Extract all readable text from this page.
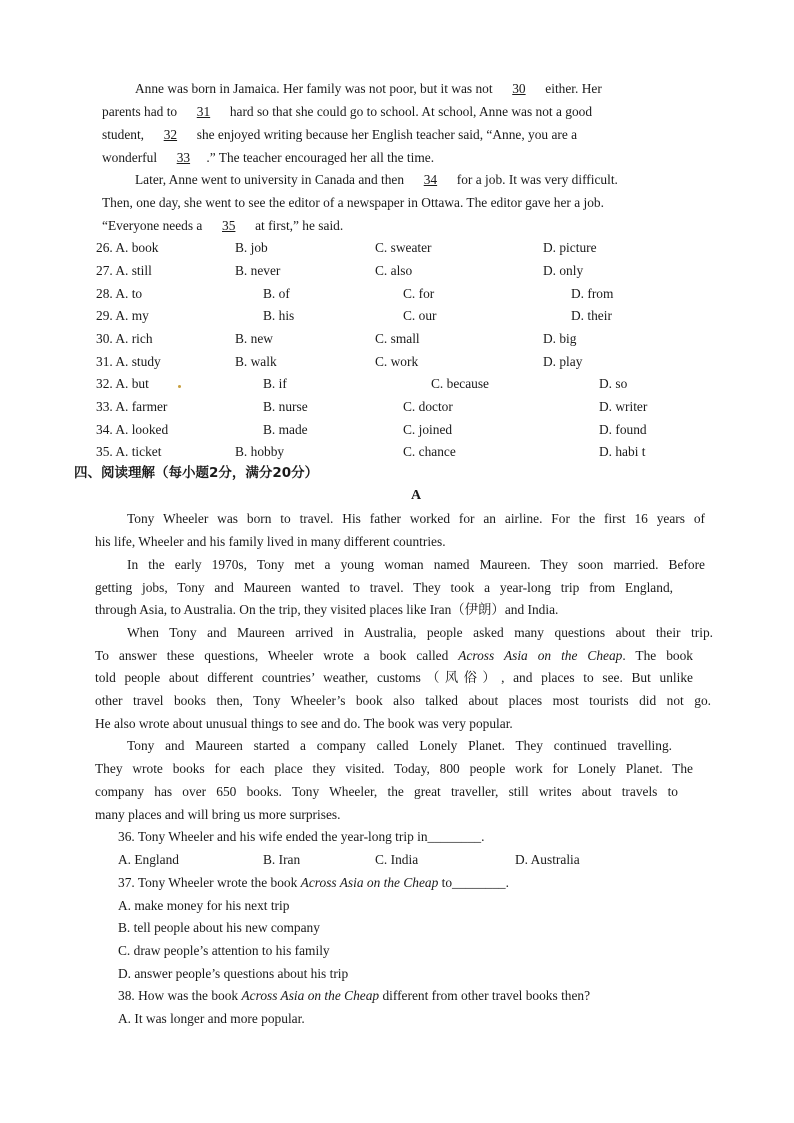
Anne was born in Jamaica. Her family was not poor, but it was not 30 either. Her
parents had to 31 hard so that she could go to school. At school, Anne was not a good
student, 32 she enjoyed writing because her English teacher said, “Anne, you are a
wonderful 33 .” The teacher encouraged her all the time.
Later, Anne went to university in Canada and then 34 for a job. It was very difficult.
Then, one day, she went to see the editor of a newspaper in Ottawa. The editor gave her a job.
“Everyone needs a 35 at first,” he said.
26. A. book	B. job	C. sweater	D. picture
27. A. still	B. never	C. also	D. only
28. A. to	B. of	C. for	D. from
29. A. my	B. his	C. our	D. their
30. A. rich	B. new	C. small	D. big
31. A. study	B. walk	C. work	D. play
32. A. but	B. if	C. because	D. so
33. A. farmer	B. nurse	C. doctor	D. writer
34. A. looked	B. made	C. joined	D. found
35. A. ticket	B. hobby	C. chance	D. habi t
四、阅读理解（每小题2分，满分20分）
A
Tony Wheeler was born to travel. His father worked for an airline. For the first 16 years of
his life, Wheeler and his family lived in many different countries.
In the early 1970s, Tony met a young woman named Maureen. They soon married. Before
getting jobs, Tony and Maureen wanted to travel. They took a year-long trip from England,
through Asia, to Australia. On the trip, they visited places like Iran（伊朗）and India.
When Tony and Maureen arrived in Australia, people asked many questions about their trip.
To answer these questions, Wheeler wrote a book called Across Asia on the Cheap. The book
told people about different countries’ weather, customs（风俗）, and places to see. But unlike
other travel books then, Tony Wheeler’s book also talked about places most tourists did not go.
He also wrote about unusual things to see and do. The book was very popular.
Tony and Maureen started a company called Lonely Planet. They continued travelling.
They wrote books for each place they visited. Today, 800 people work for Lonely Planet. The
company has over 650 books. Tony Wheeler, the great traveller, still writes about travels to
many places and will bring us more surprises.
36. Tony Wheeler and his wife ended the year-long trip in________.
A. England	B. Iran	C. India	D. Australia
37. Tony Wheeler wrote the book Across Asia on the Cheap to________.
A. make money for his next trip
B. tell people about his new company
C. draw people’s attention to his family
D. answer people’s questions about his trip
38. How was the book Across Asia on the Cheap different from other travel books then?
A. It was longer and more popular.
